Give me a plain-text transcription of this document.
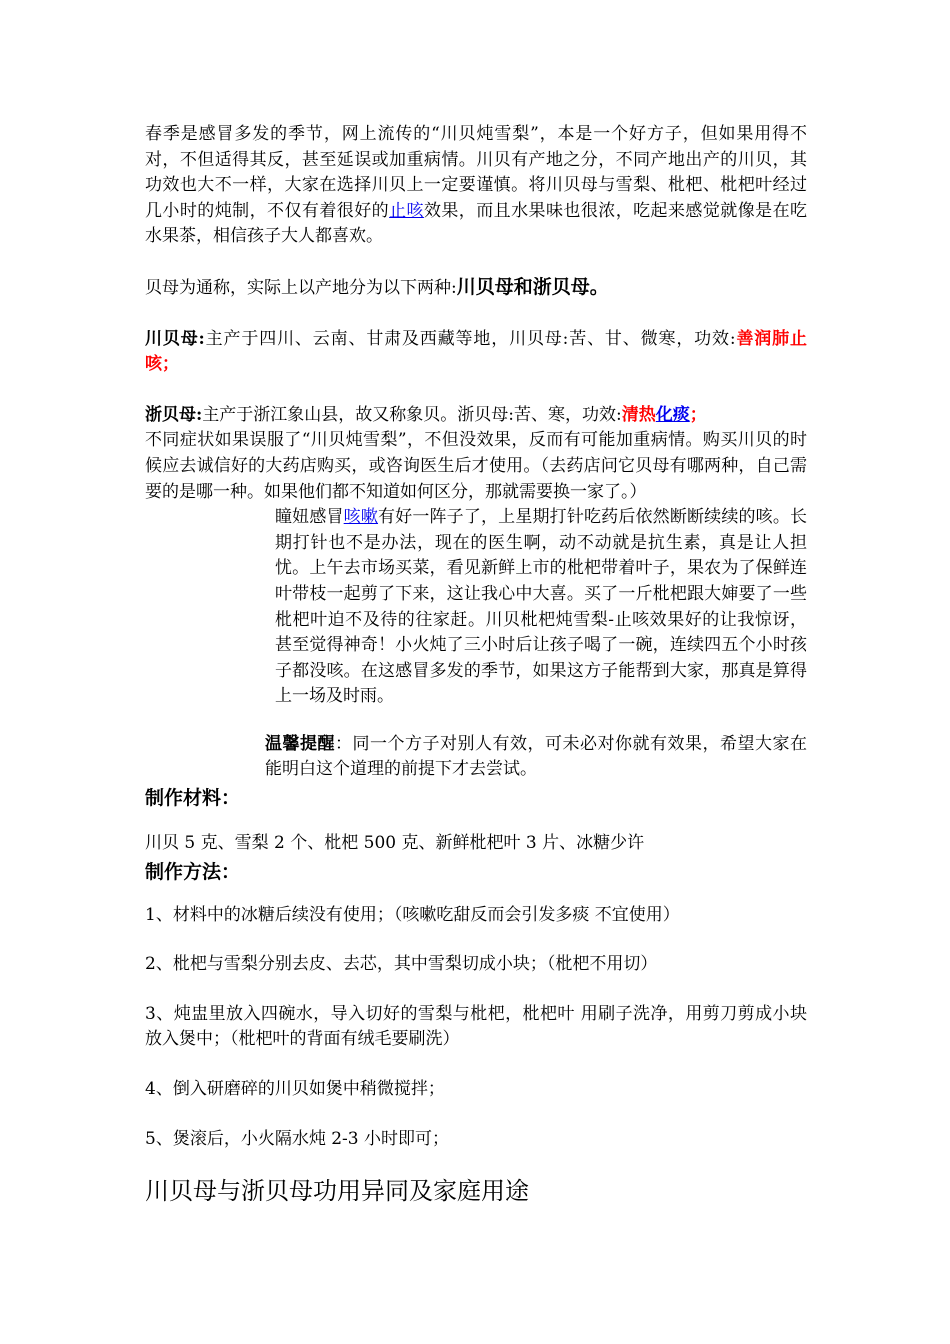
春季是感冒多发的季节，网上流传的“川贝炖雪梨”，本是一个好方子，但如果用得不对，不但适得其反，甚至延误或加重病情。川贝有产地之分，不同产地出产的川贝，其功效也大不一样，大家在选择川贝上一定要谨慎。将川贝母与雪梨、枇杷、枇杷叶经过几小时的炖制，不仅有着很好的止咳效果，而且水果味也很浓，吃起来感觉就像是在吃水果茶，相信孩子大人都喜欢。

贝母为通称，实际上以产地分为以下两种:川贝母和浙贝母。

川贝母:主产于四川、云南、甘肃及西藏等地，川贝母:苦、甘、微寒，功效:善润肺止咳；

浙贝母:主产于浙江象山县，故又称象贝。浙贝母:苦、寒，功效:清热化痰；

不同症状如果误服了“川贝炖雪梨”，不但没效果，反而有可能加重病情。购买川贝的时候应去诚信好的大药店购买，或咨询医生后才使用。（去药店问它贝母有哪两种，自己需要的是哪一种。如果他们都不知道如何区分，那就需要换一家了。）

瞳妞感冒咳嗽有好一阵子了，上星期打针吃药后依然断断续续的咳。长期打针也不是办法，现在的医生啊，动不动就是抗生素，真是让人担忧。上午去市场买菜，看见新鲜上市的枇杷带着叶子，果农为了保鲜连叶带枝一起剪了下来，这让我心中大喜。买了一斤枇杷跟大婶要了一些枇杷叶迫不及待的往家赶。川贝枇杷炖雪梨-止咳效果好的让我惊讶，甚至觉得神奇！小火炖了三小时后让孩子喝了一碗，连续四五个小时孩子都没咳。在这感冒多发的季节，如果这方子能帮到大家，那真是算得上一场及时雨。

温馨提醒：同一个方子对别人有效，可未必对你就有效果，希望大家在能明白这个道理的前提下才去尝试。

制作材料：

川贝 5 克、雪梨 2 个、枇杷 500 克、新鲜枇杷叶 3 片、冰糖少许

制作方法：

1、材料中的冰糖后续没有使用；（咳嗽吃甜反而会引发多痰 不宜使用）

2、枇杷与雪梨分别去皮、去芯，其中雪梨切成小块；（枇杷不用切）

3、炖盅里放入四碗水，导入切好的雪梨与枇杷，枇杷叶 用刷子洗净，用剪刀剪成小块放入煲中；（枇杷叶的背面有绒毛要刷洗）

4、倒入研磨碎的川贝如煲中稍微搅拌；

5、煲滚后，小火隔水炖 2-3 小时即可；

川贝母与浙贝母功用异同及家庭用途
